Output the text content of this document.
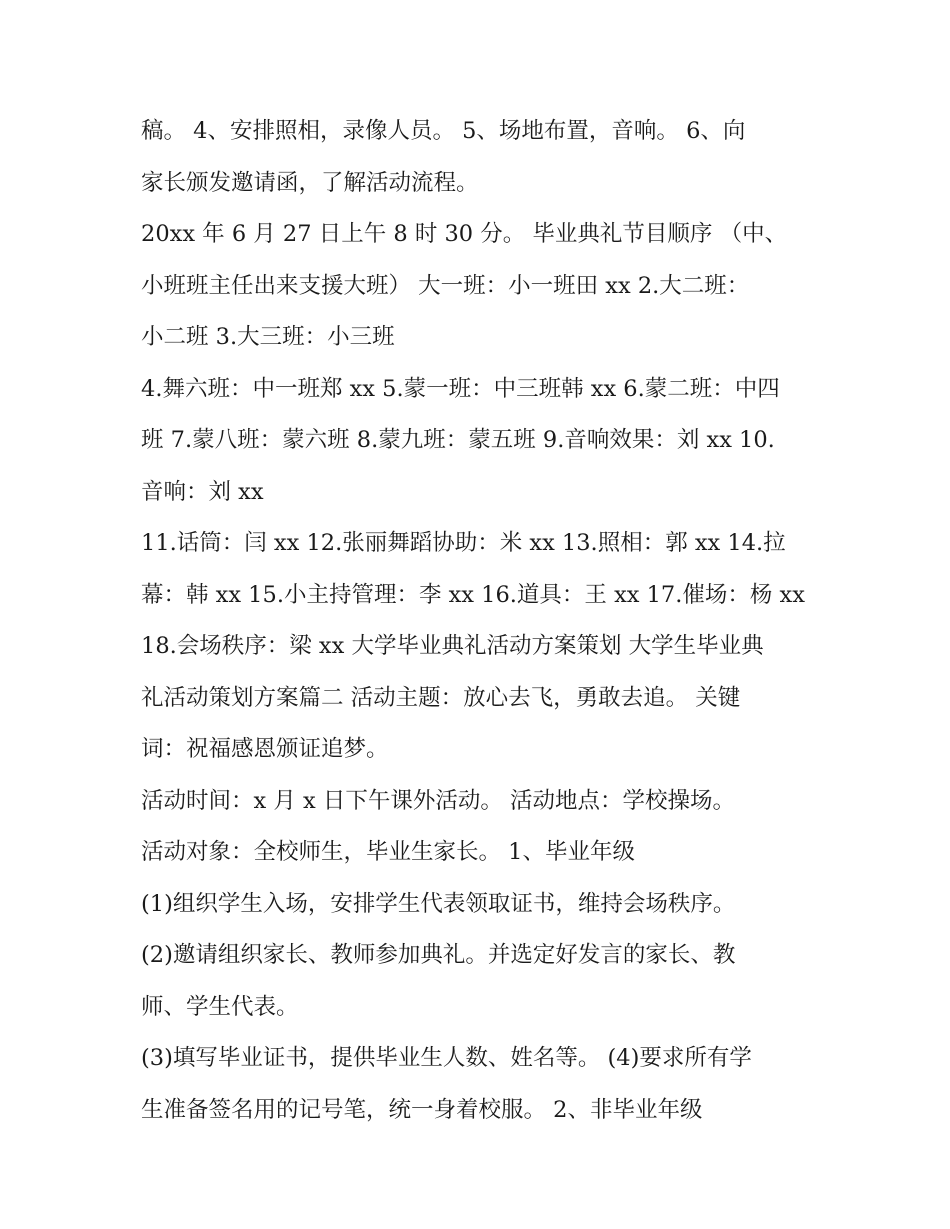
稿。 4、安排照相，录像人员。 5、场地布置，音响。 6、向
家长颁发邀请函，了解活动流程。
20xx 年 6 月 27 日上午 8 时 30 分。 毕业典礼节目顺序 （中、
小班班主任出来支援大班） 大一班：小一班田 xx 2.大二班：
小二班 3.大三班：小三班
4.舞六班：中一班郑 xx 5.蒙一班：中三班韩 xx 6.蒙二班：中四
班 7.蒙八班：蒙六班 8.蒙九班：蒙五班 9.音响效果：刘 xx 10.
音响：刘 xx
11.话筒：闫 xx 12.张丽舞蹈协助：米 xx 13.照相：郭 xx 14.拉
幕：韩 xx 15.小主持管理：李 xx 16.道具：王 xx 17.催场：杨 xx
18.会场秩序：梁 xx 大学毕业典礼活动方案策划 大学生毕业典
礼活动策划方案篇二 活动主题：放心去飞，勇敢去追。 关键
词：祝福感恩颁证追梦。
活动时间：x 月 x 日下午课外活动。 活动地点：学校操场。
活动对象：全校师生，毕业生家长。 1、毕业年级
(1)组织学生入场，安排学生代表领取证书，维持会场秩序。
(2)邀请组织家长、教师参加典礼。并选定好发言的家长、教
师、学生代表。
(3)填写毕业证书，提供毕业生人数、姓名等。 (4)要求所有学
生准备签名用的记号笔，统一身着校服。 2、非毕业年级
